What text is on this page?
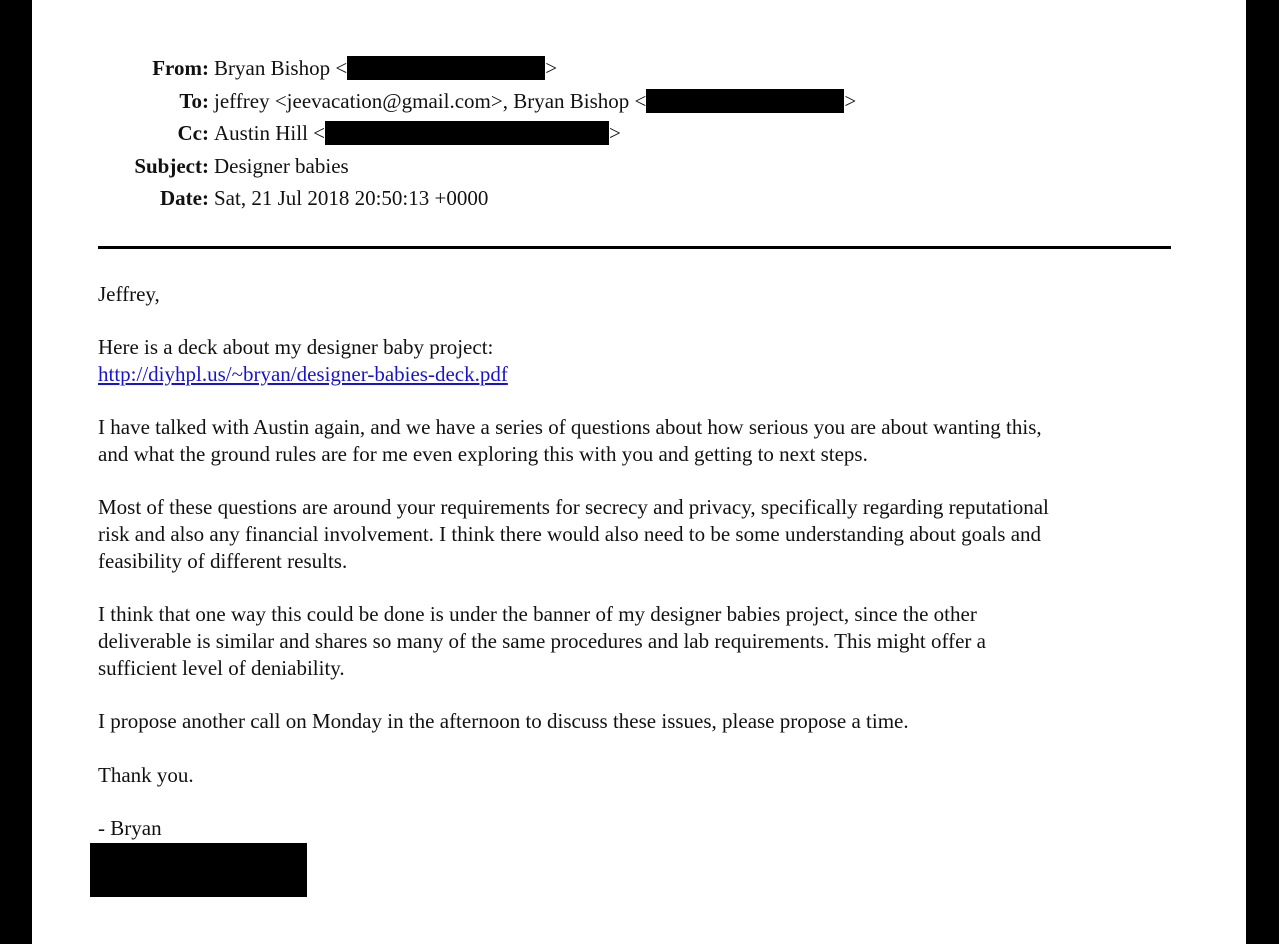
From: Bryan Bishop <	>
To: jeffrey <jeevacation@gmail.com>, Bryan Bishop <	>
Cc: Austin Hill <	>
Subject: Designer babies
Date: Sat, 21 Jul 2018 20:50:13 +0000

Jeffrey,

Here is a deck about my designer baby project:
http://diyhpl.us/~bryan/designer-babies-deck.pdf

I have talked with Austin again, and we have a series of questions about how serious you are about wanting this,
and what the ground rules are for me even exploring this with you and getting to next steps.

Most of these questions are around your requirements for secrecy and privacy, specifically regarding reputational
risk and also any financial involvement. I think there would also need to be some understanding about goals and
feasibility of different results.

I think that one way this could be done is under the banner of my designer babies project, since the other
deliverable is similar and shares so many of the same procedures and lab requirements. This might offer a
sufficient level of deniability.

I propose another call on Monday in the afternoon to discuss these issues, please propose a time.

Thank you.

- Bryan
